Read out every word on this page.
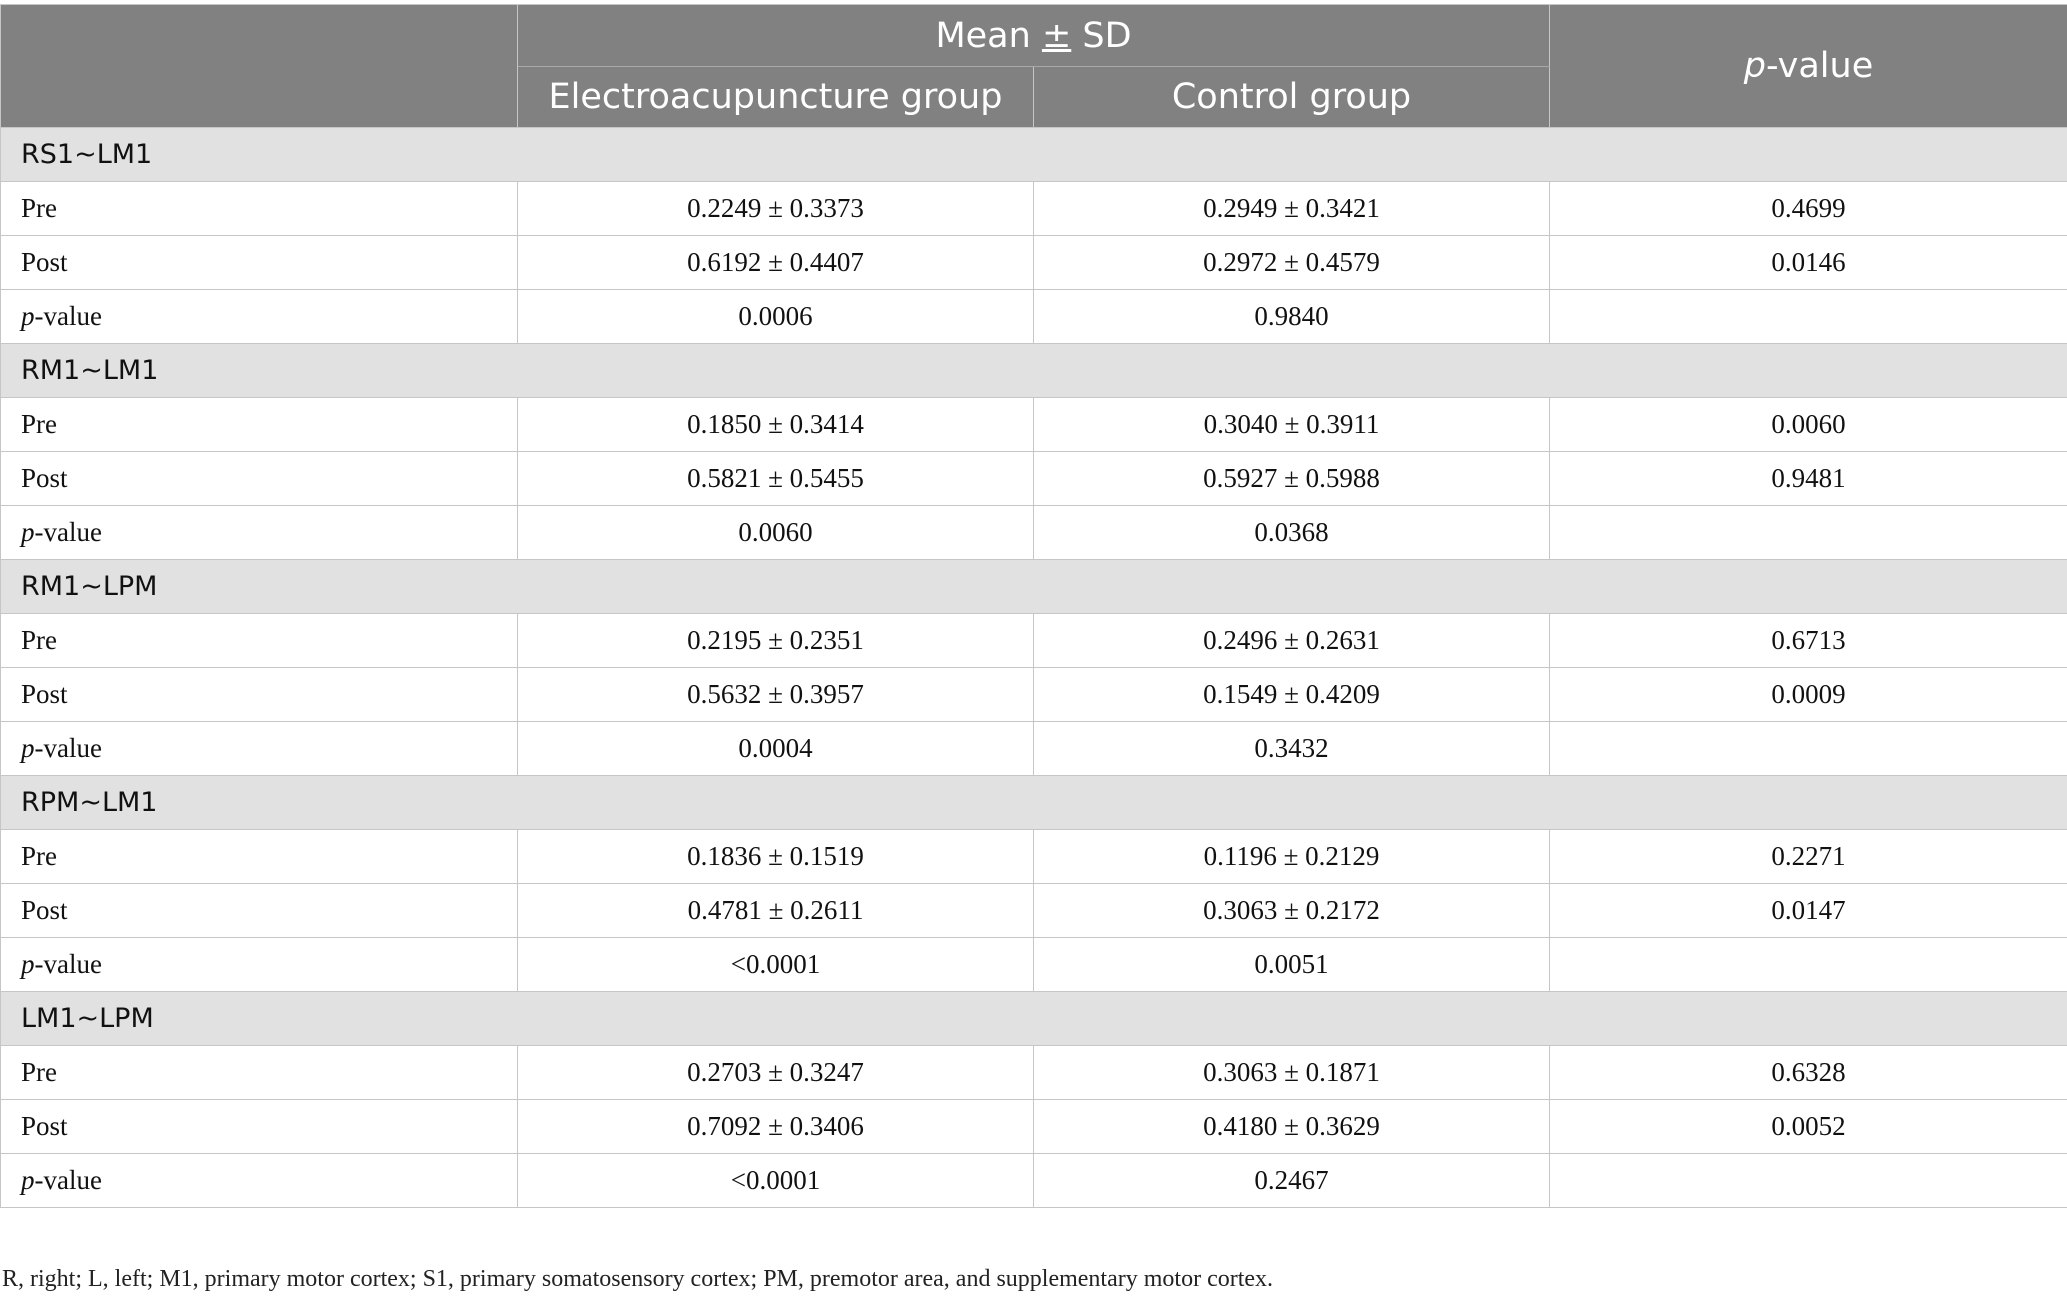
	Mean ± SD		p-value
	Electroacupuncture group	Control group	
RS1~LM1			
Pre	0.2249 ± 0.3373	0.2949 ± 0.3421	0.4699
Post	0.6192 ± 0.4407	0.2972 ± 0.4579	0.0146
p-value	0.0006	0.9840	
RM1~LM1			
Pre	0.1850 ± 0.3414	0.3040 ± 0.3911	0.0060
Post	0.5821 ± 0.5455	0.5927 ± 0.5988	0.9481
p-value	0.0060	0.0368	
RM1~LPM			
Pre	0.2195 ± 0.2351	0.2496 ± 0.2631	0.6713
Post	0.5632 ± 0.3957	0.1549 ± 0.4209	0.0009
p-value	0.0004	0.3432	
RPM~LM1			
Pre	0.1836 ± 0.1519	0.1196 ± 0.2129	0.2271
Post	0.4781 ± 0.2611	0.3063 ± 0.2172	0.0147
p-value	<0.0001	0.0051	
LM1~LPM			
Pre	0.2703 ± 0.3247	0.3063 ± 0.1871	0.6328
Post	0.7092 ± 0.3406	0.4180 ± 0.3629	0.0052
p-value	<0.0001	0.2467	
R, right; L, left; M1, primary motor cortex; S1, primary somatosensory cortex; PM, premotor area, and supplementary motor cortex.
